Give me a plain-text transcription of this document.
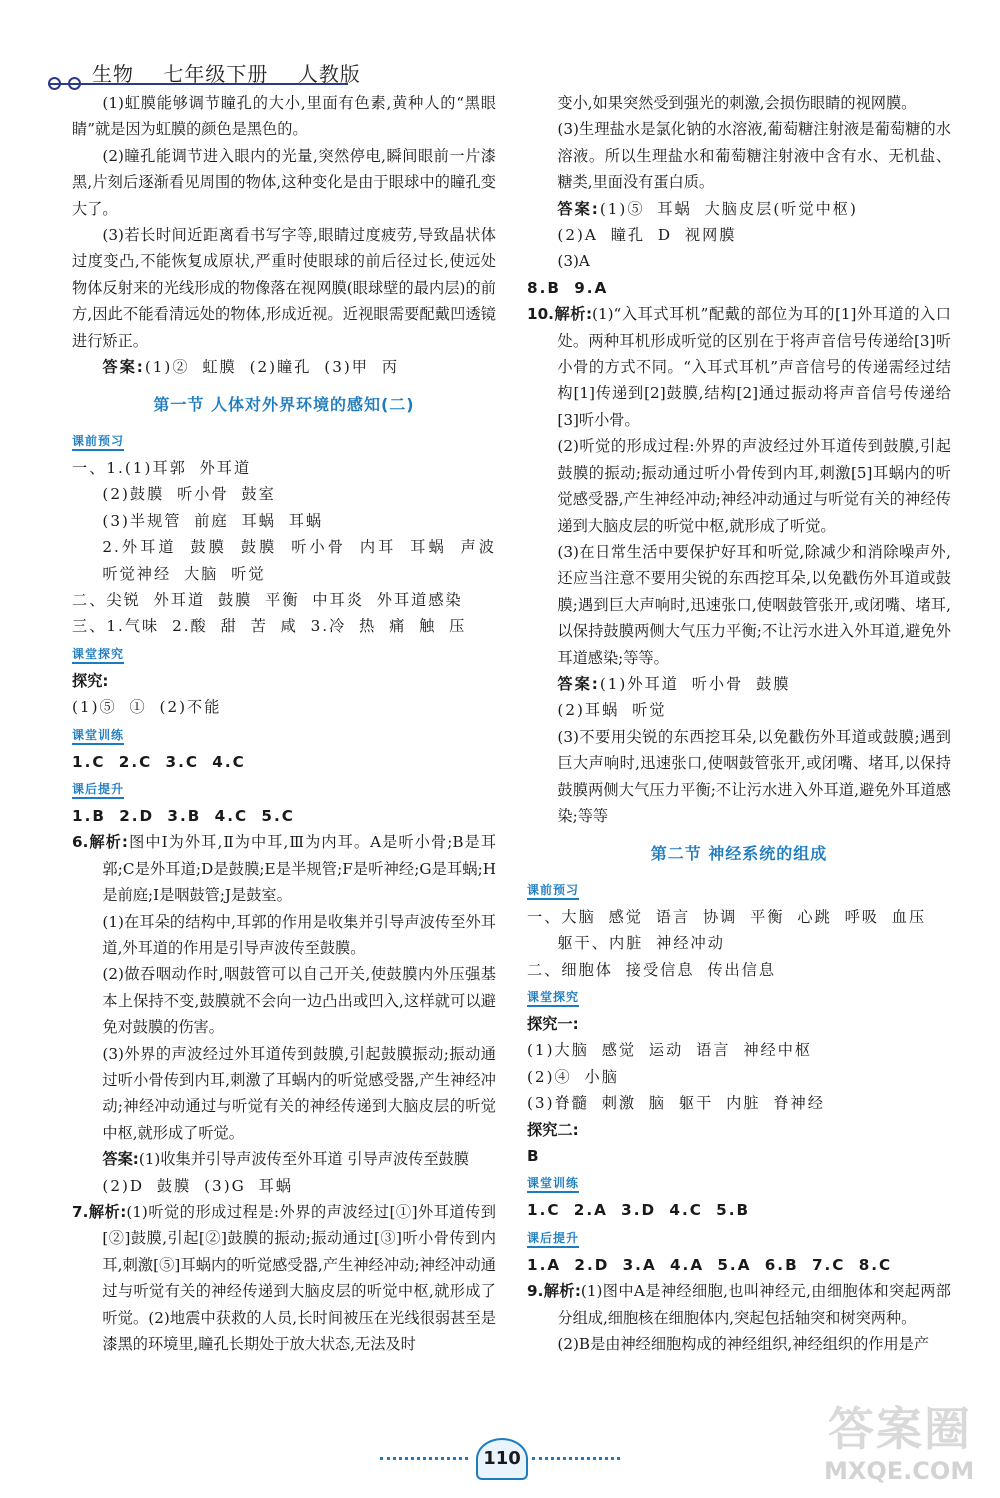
生物    七年级下册    人教版

(1)虹膜能够调节瞳孔的大小,里面有色素,黄种人的“黑眼睛”就是因为虹膜的颜色是黑色的。

(2)瞳孔能调节进入眼内的光量,突然停电,瞬间眼前一片漆黑,片刻后逐渐看见周围的物体,这种变化是由于眼球中的瞳孔变大了。

(3)若长时间近距离看书写字等,眼睛过度疲劳,导致晶状体过度变凸,不能恢复成原状,严重时使眼球的前后径过长,使远处物体反射来的光线形成的物像落在视网膜(眼球壁的最内层)的前方,因此不能看清远处的物体,形成近视。近视眼需要配戴凹透镜进行矫正。

答案:(1)② 虹膜 (2)瞳孔 (3)甲 丙

第一节 人体对外界环境的感知(二)

课前预习

一、1.(1)耳郭 外耳道

(2)鼓膜 听小骨 鼓室

(3)半规管 前庭 耳蜗 耳蜗

2.外耳道 鼓膜 鼓膜 听小骨 内耳 耳蜗 声波 听觉神经 大脑 听觉

二、尖锐 外耳道 鼓膜 平衡 中耳炎 外耳道感染

三、1.气味 2.酸 甜 苦 咸 3.冷 热 痛 触 压

课堂探究

探究:

(1)⑤ ① (2)不能

课堂训练

1.C 2.C 3.C 4.C

课后提升

1.B 2.D 3.B 4.C 5.C

6.解析:图中Ⅰ为外耳,Ⅱ为中耳,Ⅲ为内耳。A是听小骨;B是耳郭;C是外耳道;D是鼓膜;E是半规管;F是听神经;G是耳蜗;H是前庭;I是咽鼓管;J是鼓室。

(1)在耳朵的结构中,耳郭的作用是收集并引导声波传至外耳道,外耳道的作用是引导声波传至鼓膜。

(2)做吞咽动作时,咽鼓管可以自己开关,使鼓膜内外压强基本上保持不变,鼓膜就不会向一边凸出或凹入,这样就可以避免对鼓膜的伤害。

(3)外界的声波经过外耳道传到鼓膜,引起鼓膜振动;振动通过听小骨传到内耳,刺激了耳蜗内的听觉感受器,产生神经冲动;神经冲动通过与听觉有关的神经传递到大脑皮层的听觉中枢,就形成了听觉。

答案:(1)收集并引导声波传至外耳道 引导声波传至鼓膜

(2)D 鼓膜 (3)G 耳蜗

7.解析:(1)听觉的形成过程是:外界的声波经过[①]外耳道传到[②]鼓膜,引起[②]鼓膜的振动;振动通过[③]听小骨传到内耳,刺激[⑤]耳蜗内的听觉感受器,产生神经冲动;神经冲动通过与听觉有关的神经传递到大脑皮层的听觉中枢,就形成了听觉。(2)地震中获救的人员,长时间被压在光线很弱甚至是漆黑的环境里,瞳孔长期处于放大状态,无法及时

变小,如果突然受到强光的刺激,会损伤眼睛的视网膜。

(3)生理盐水是氯化钠的水溶液,葡萄糖注射液是葡萄糖的水溶液。所以生理盐水和葡萄糖注射液中含有水、无机盐、糖类,里面没有蛋白质。

答案:(1)⑤ 耳蜗 大脑皮层(听觉中枢)

(2)A 瞳孔 D 视网膜

(3)A

8.B 9.A

10.解析:(1)“入耳式耳机”配戴的部位为耳的[1]外耳道的入口处。两种耳机形成听觉的区别在于将声音信号传递给[3]听小骨的方式不同。“入耳式耳机”声音信号的传递需经过结构[1]传递到[2]鼓膜,结构[2]通过振动将声音信号传递给[3]听小骨。

(2)听觉的形成过程:外界的声波经过外耳道传到鼓膜,引起鼓膜的振动;振动通过听小骨传到内耳,刺激[5]耳蜗内的听觉感受器,产生神经冲动;神经冲动通过与听觉有关的神经传递到大脑皮层的听觉中枢,就形成了听觉。

(3)在日常生活中要保护好耳和听觉,除减少和消除噪声外,还应当注意不要用尖锐的东西挖耳朵,以免戳伤外耳道或鼓膜;遇到巨大声响时,迅速张口,使咽鼓管张开,或闭嘴、堵耳,以保持鼓膜两侧大气压力平衡;不让污水进入外耳道,避免外耳道感染;等等。

答案:(1)外耳道 听小骨 鼓膜

(2)耳蜗 听觉

(3)不要用尖锐的东西挖耳朵,以免戳伤外耳道或鼓膜;遇到巨大声响时,迅速张口,使咽鼓管张开,或闭嘴、堵耳,以保持鼓膜两侧大气压力平衡;不让污水进入外耳道,避免外耳道感染;等等

第二节 神经系统的组成

课前预习

一、大脑 感觉 语言 协调 平衡 心跳 呼吸 血压

躯干、内脏 神经冲动

二、细胞体 接受信息 传出信息

课堂探究

探究一:

(1)大脑 感觉 运动 语言 神经中枢

(2)④ 小脑

(3)脊髓 刺激 脑 躯干 内脏 脊神经

探究二:

B

课堂训练

1.C 2.A 3.D 4.C 5.B

课后提升

1.A 2.D 3.A 4.A 5.A 6.B 7.C 8.C

9.解析:(1)图中A是神经细胞,也叫神经元,由细胞体和突起两部分组成,细胞核在细胞体内,突起包括轴突和树突两种。

(2)B是由神经细胞构成的神经组织,神经组织的作用是产

110
答案圈
MXQE.COM
